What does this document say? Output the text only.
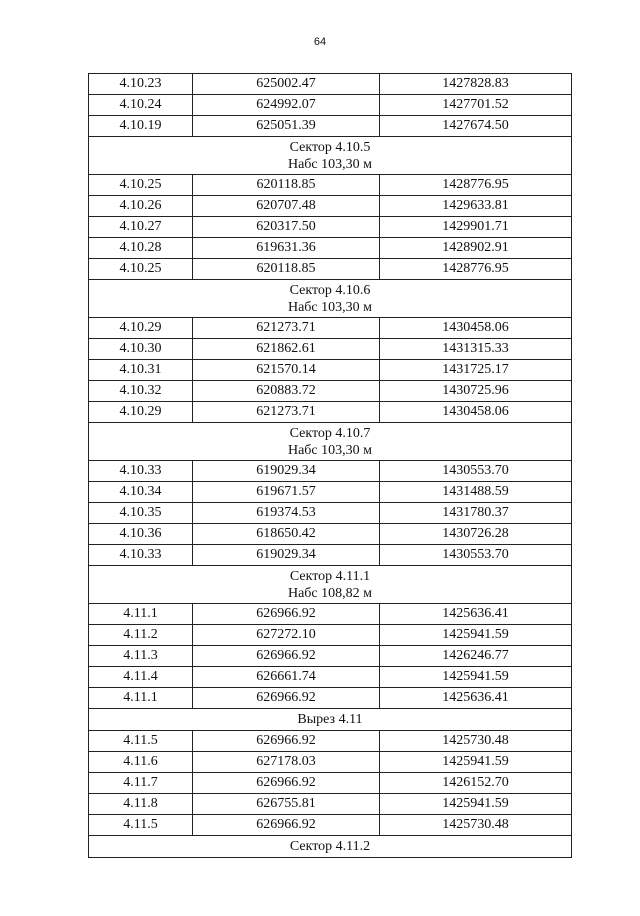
64
4.10.23	625002.47	1427828.83
4.10.24	624992.07	1427701.52
4.10.19	625051.39	1427674.50

Сектор 4.10.5
Набс 103,30 м		

4.10.25	620118.85	1428776.95
4.10.26	620707.48	1429633.81
4.10.27	620317.50	1429901.71
4.10.28	619631.36	1428902.91
4.10.25	620118.85	1428776.95

Сектор 4.10.6
Набс 103,30 м		

4.10.29	621273.71	1430458.06
4.10.30	621862.61	1431315.33
4.10.31	621570.14	1431725.17
4.10.32	620883.72	1430725.96
4.10.29	621273.71	1430458.06

Сектор 4.10.7
Набс 103,30 м		

4.10.33	619029.34	1430553.70
4.10.34	619671.57	1431488.59
4.10.35	619374.53	1431780.37
4.10.36	618650.42	1430726.28
4.10.33	619029.34	1430553.70

Сектор 4.11.1
Набс 108,82 м		

4.11.1	626966.92	1425636.41
4.11.2	627272.10	1425941.59
4.11.3	626966.92	1426246.77
4.11.4	626661.74	1425941.59
4.11.1	626966.92	1425636.41

Вырез 4.11		

4.11.5	626966.92	1425730.48
4.11.6	627178.03	1425941.59
4.11.7	626966.92	1426152.70
4.11.8	626755.81	1425941.59
4.11.5	626966.92	1425730.48

Сектор 4.11.2		
